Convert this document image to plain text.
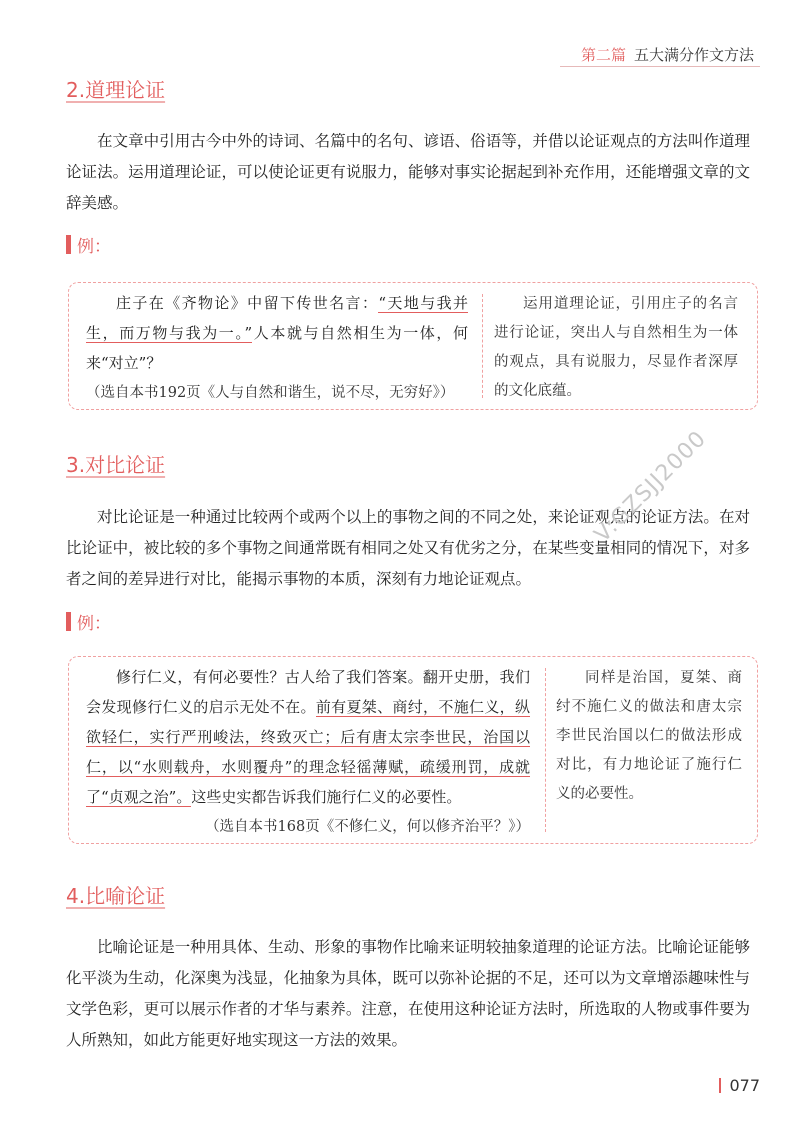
第二篇 五大满分作文方法
2.道理论证
在文章中引用古今中外的诗词、名篇中的名句、谚语、俗语等，并借以论证观点的方法叫作道理论证法。运用道理论证，可以使论证更有说服力，能够对事实论据起到补充作用，还能增强文章的文辞美感。
例：
庄子在《齐物论》中留下传世名言：“天地与我并生，而万物与我为一。”人本就与自然相生为一体，何来“对立”？
（选自本书192页《人与自然和谐生，说不尽，无穷好》）
运用道理论证，引用庄子的名言进行论证，突出人与自然相生为一体的观点，具有说服力，尽显作者深厚的文化底蕴。
3.对比论证
对比论证是一种通过比较两个或两个以上的事物之间的不同之处，来论证观点的论证方法。在对比论证中，被比较的多个事物之间通常既有相同之处又有优劣之分，在某些变量相同的情况下，对多者之间的差异进行对比，能揭示事物的本质，深刻有力地论证观点。
例：
修行仁义，有何必要性？古人给了我们答案。翻开史册，我们会发现修行仁义的启示无处不在。前有夏桀、商纣，不施仁义，纵欲轻仁，实行严刑峻法，终致灭亡；后有唐太宗李世民，治国以仁，以“水则载舟，水则覆舟”的理念轻徭薄赋，疏缓刑罚，成就了“贞观之治”。这些史实都告诉我们施行仁义的必要性。
（选自本书168页《不修仁义，何以修齐治平？》）
同样是治国，夏桀、商纣不施仁义的做法和唐太宗李世民治国以仁的做法形成对比，有力地论证了施行仁义的必要性。
4.比喻论证
比喻论证是一种用具体、生动、形象的事物作比喻来证明较抽象道理的论证方法。比喻论证能够化平淡为生动，化深奥为浅显，化抽象为具体，既可以弥补论据的不足，还可以为文章增添趣味性与文学色彩，更可以展示作者的才华与素养。注意，在使用这种论证方法时，所选取的人物或事件要为人所熟知，如此方能更好地实现这一方法的效果。
V:GZSJJ2000
077
